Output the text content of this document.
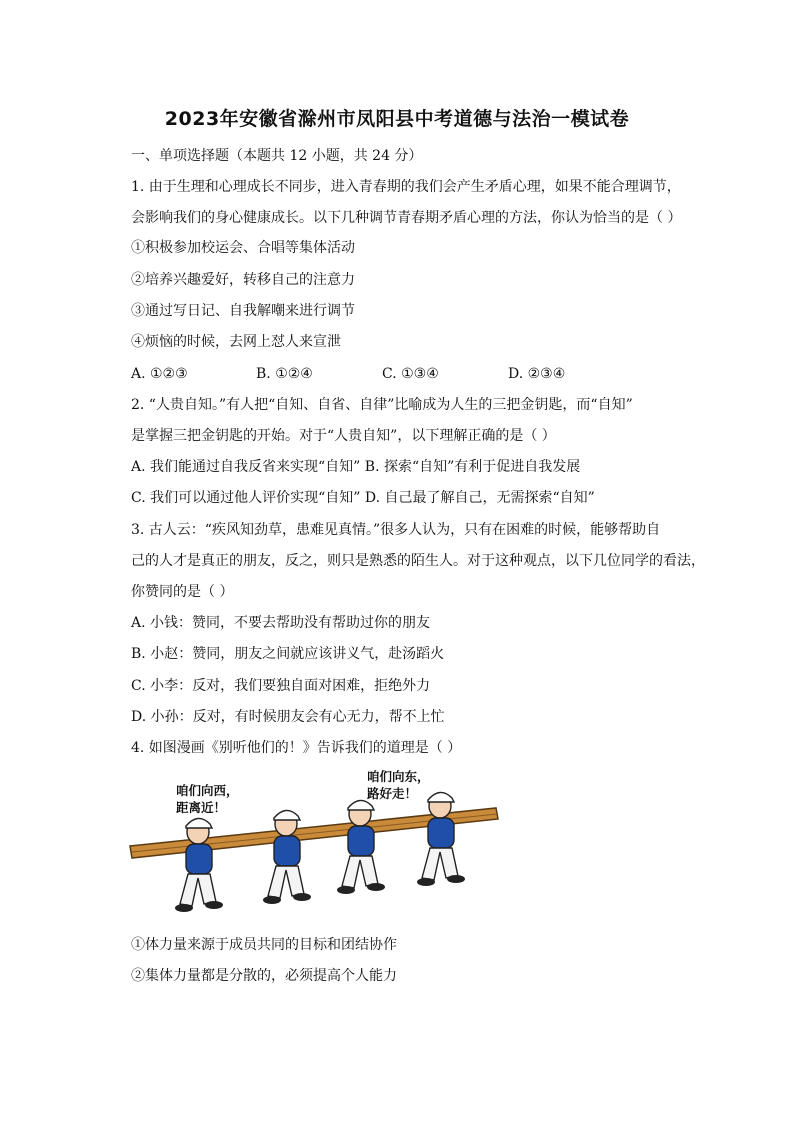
2023年安徽省滁州市凤阳县中考道德与法治一模试卷
一、单项选择题（本题共 12 小题，共 24 分）
1. 由于生理和心理成长不同步，进入青春期的我们会产生矛盾心理，如果不能合理调节，
会影响我们的身心健康成长。以下几种调节青春期矛盾心理的方法，你认为恰当的是（ ）
①积极参加校运会、合唱等集体活动
②培养兴趣爱好，转移自己的注意力
③通过写日记、自我解嘲来进行调节
④烦恼的时候，去网上怼人来宣泄
A. ①②③	B. ①②④	C. ①③④	D. ②③④
2. “人贵自知。”有人把“自知、自省、自律”比喻成为人生的三把金钥匙，而“自知”
是掌握三把金钥匙的开始。对于“人贵自知”，以下理解正确的是（ ）
A. 我们能通过自我反省来实现“自知” B. 探索“自知”有利于促进自我发展
C. 我们可以通过他人评价实现“自知” D. 自己最了解自己，无需探索“自知”
3. 古人云：“疾风知劲草，患难见真情。”很多人认为，只有在困难的时候，能够帮助自
己的人才是真正的朋友，反之，则只是熟悉的陌生人。对于这种观点，以下几位同学的看法，
你赞同的是（ ）
A. 小钱：赞同，不要去帮助没有帮助过你的朋友
B. 小赵：赞同，朋友之间就应该讲义气，赴汤蹈火
C. 小李：反对，我们要独自面对困难，拒绝外力
D. 小孙：反对，有时候朋友会有心无力，帮不上忙
4. 如图漫画《别听他们的！》告诉我们的道理是（ ）
咱们向西，
距离近！
咱们向东，
路好走！
①体力量来源于成员共同的目标和团结协作
②集体力量都是分散的，必须提高个人能力
